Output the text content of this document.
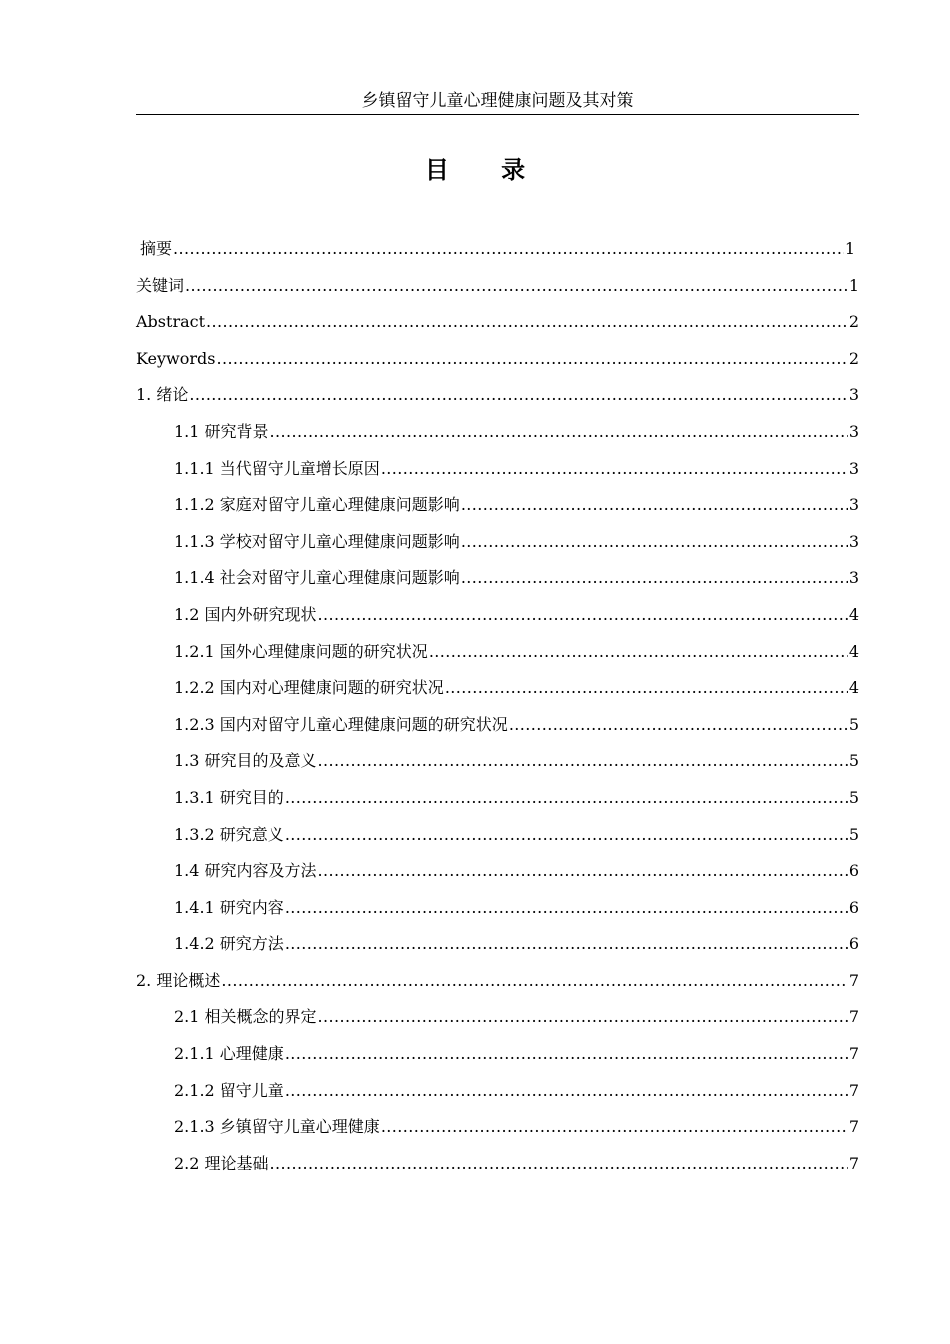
乡镇留守儿童心理健康问题及其对策
目 录
摘要 .....	1
关键词 .....	1
Abstract .....	2
Keywords .....	2
1. 绪论 .....	3
1.1 研究背景 .....	3
1.1.1 当代留守儿童增长原因 .....	3
1.1.2 家庭对留守儿童心理健康问题影响 .....	3
1.1.3 学校对留守儿童心理健康问题影响 .....	3
1.1.4 社会对留守儿童心理健康问题影响 .....	3
1.2 国内外研究现状 .....	4
1.2.1 国外心理健康问题的研究状况 .....	4
1.2.2 国内对心理健康问题的研究状况 .....	4
1.2.3 国内对留守儿童心理健康问题的研究状况 .....	5
1.3 研究目的及意义 .....	5
1.3.1 研究目的 .....	5
1.3.2 研究意义 .....	5
1.4 研究内容及方法 .....	6
1.4.1 研究内容 .....	6
1.4.2 研究方法 .....	6
2. 理论概述 .....	7
2.1 相关概念的界定 .....	7
2.1.1 心理健康 .....	7
2.1.2 留守儿童 .....	7
2.1.3 乡镇留守儿童心理健康 .....	7
2.2 理论基础 .....	7
